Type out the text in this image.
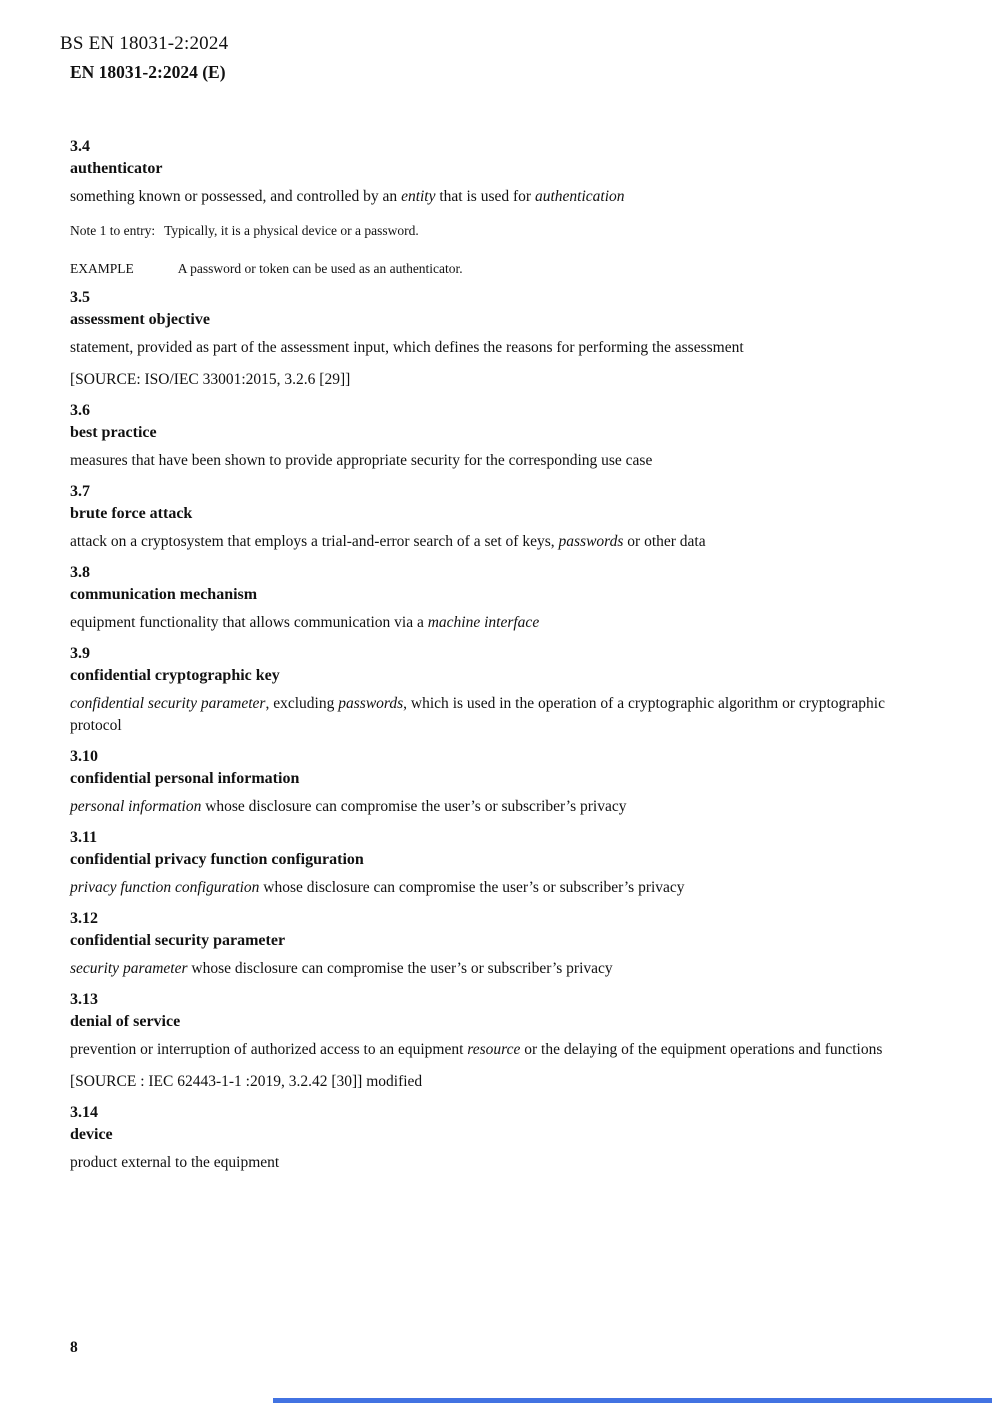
BS EN 18031-2:2024
EN 18031-2:2024 (E)
3.4
authenticator

something known or possessed, and controlled by an entity that is used for authentication

Note 1 to entry: Typically, it is a physical device or a password.

EXAMPLE	A password or token can be used as an authenticator.

3.5
assessment objective

statement, provided as part of the assessment input, which defines the reasons for performing the assessment

[SOURCE: ISO/IEC 33001:2015, 3.2.6 [29]]

3.6
best practice

measures that have been shown to provide appropriate security for the corresponding use case

3.7
brute force attack

attack on a cryptosystem that employs a trial-and-error search of a set of keys, passwords or other data

3.8
communication mechanism

equipment functionality that allows communication via a machine interface

3.9
confidential cryptographic key

confidential security parameter, excluding passwords, which is used in the operation of a cryptographic algorithm or cryptographic protocol

3.10
confidential personal information

personal information whose disclosure can compromise the user’s or subscriber’s privacy

3.11
confidential privacy function configuration

privacy function configuration whose disclosure can compromise the user’s or subscriber’s privacy

3.12
confidential security parameter

security parameter whose disclosure can compromise the user’s or subscriber’s privacy

3.13
denial of service

prevention or interruption of authorized access to an equipment resource or the delaying of the equipment operations and functions

[SOURCE : IEC 62443-1-1 :2019, 3.2.42 [30]] modified

3.14
device

product external to the equipment

8
